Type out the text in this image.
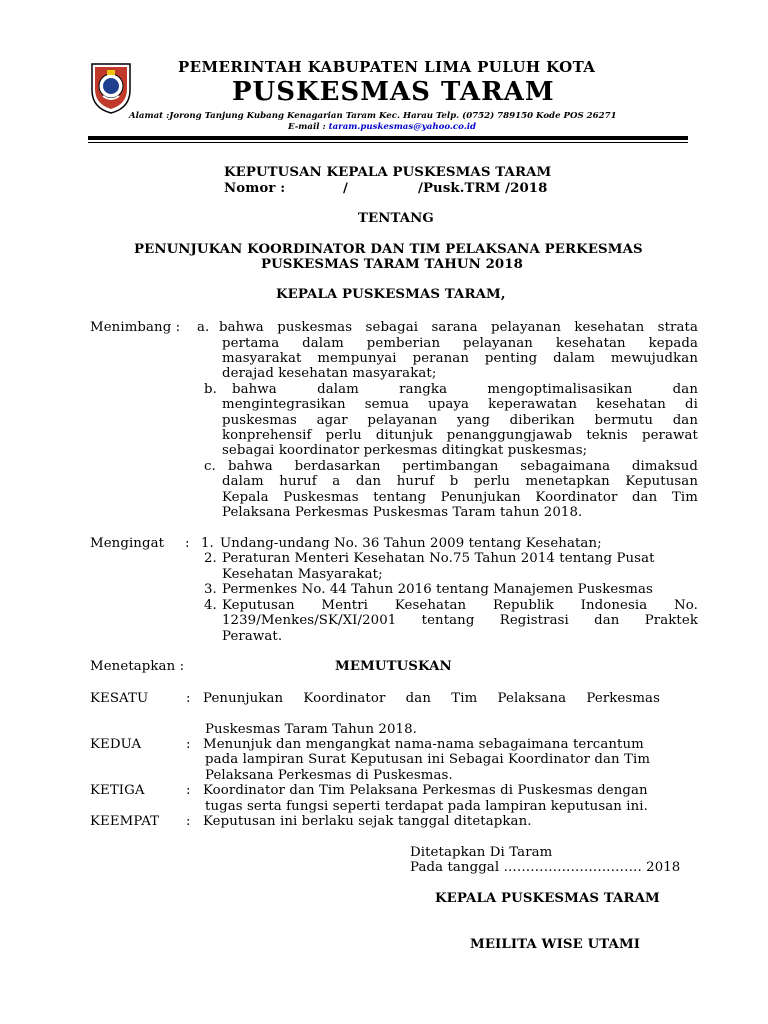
PEMERINTAH KABUPATEN LIMA PULUH KOTA
PUSKESMAS TARAM
Alamat :Jorong Tanjung Kubang Kenagarian Taram Kec. Harau Telp. (0752) 789150 Kode POS 26271
E-mail : taram.puskesmas@yahoo.co.id
KEPUTUSAN KEPALA PUSKESMAS TARAM
Nomor :	/	/Pusk.TRM /2018
TENTANG
PENUNJUKAN KOORDINATOR DAN TIM PELAKSANA PERKESMAS
PUSKESMAS TARAM TAHUN 2018
KEPALA PUSKESMAS TARAM,
Menimbang : a. bahwa puskesmas sebagai sarana pelayanan kesehatan strata
pertama dalam pemberian pelayanan kesehatan kepada
masyarakat mempunyai peranan penting dalam mewujudkan
derajad kesehatan masyarakat;
b. bahwa dalam rangka mengoptimalisasikan dan
mengintegrasikan semua upaya keperawatan kesehatan di
puskesmas agar pelayanan yang diberikan bermutu dan
konprehensif perlu ditunjuk penanggungjawab teknis perawat
sebagai koordinator perkesmas ditingkat puskesmas;
c. bahwa berdasarkan pertimbangan sebagaimana dimaksud
dalam huruf a dan huruf b perlu menetapkan Keputusan
Kepala Puskesmas tentang Penunjukan Koordinator dan Tim
Pelaksana Perkesmas Puskesmas Taram tahun 2018.
Mengingat : 1. Undang-undang No. 36 Tahun 2009 tentang Kesehatan;
2. Peraturan Menteri Kesehatan No.75 Tahun 2014 tentang Pusat
Kesehatan Masyarakat;
3. Permenkes No. 44 Tahun 2016 tentang Manajemen Puskesmas
4. Keputusan Mentri Kesehatan Republik Indonesia No.
1239/Menkes/SK/XI/2001 tentang Registrasi dan Praktek
Perawat.
Menetapkan :	MEMUTUSKAN
KESATU	: Penunjukan Koordinator dan Tim Pelaksana Perkesmas
Puskesmas Taram Tahun 2018.
KEDUA	: Menunjuk dan mengangkat nama-nama sebagaimana tercantum
pada lampiran Surat Keputusan ini Sebagai Koordinator dan Tim
Pelaksana Perkesmas di Puskesmas.
KETIGA	: Koordinator dan Tim Pelaksana Perkesmas di Puskesmas dengan
tugas serta fungsi seperti terdapat pada lampiran keputusan ini.
KEEMPAT : Keputusan ini berlaku sejak tanggal ditetapkan.
Ditetapkan Di Taram
Pada tanggal …………………………. 2018
KEPALA PUSKESMAS TARAM
MEILITA WISE UTAMI
